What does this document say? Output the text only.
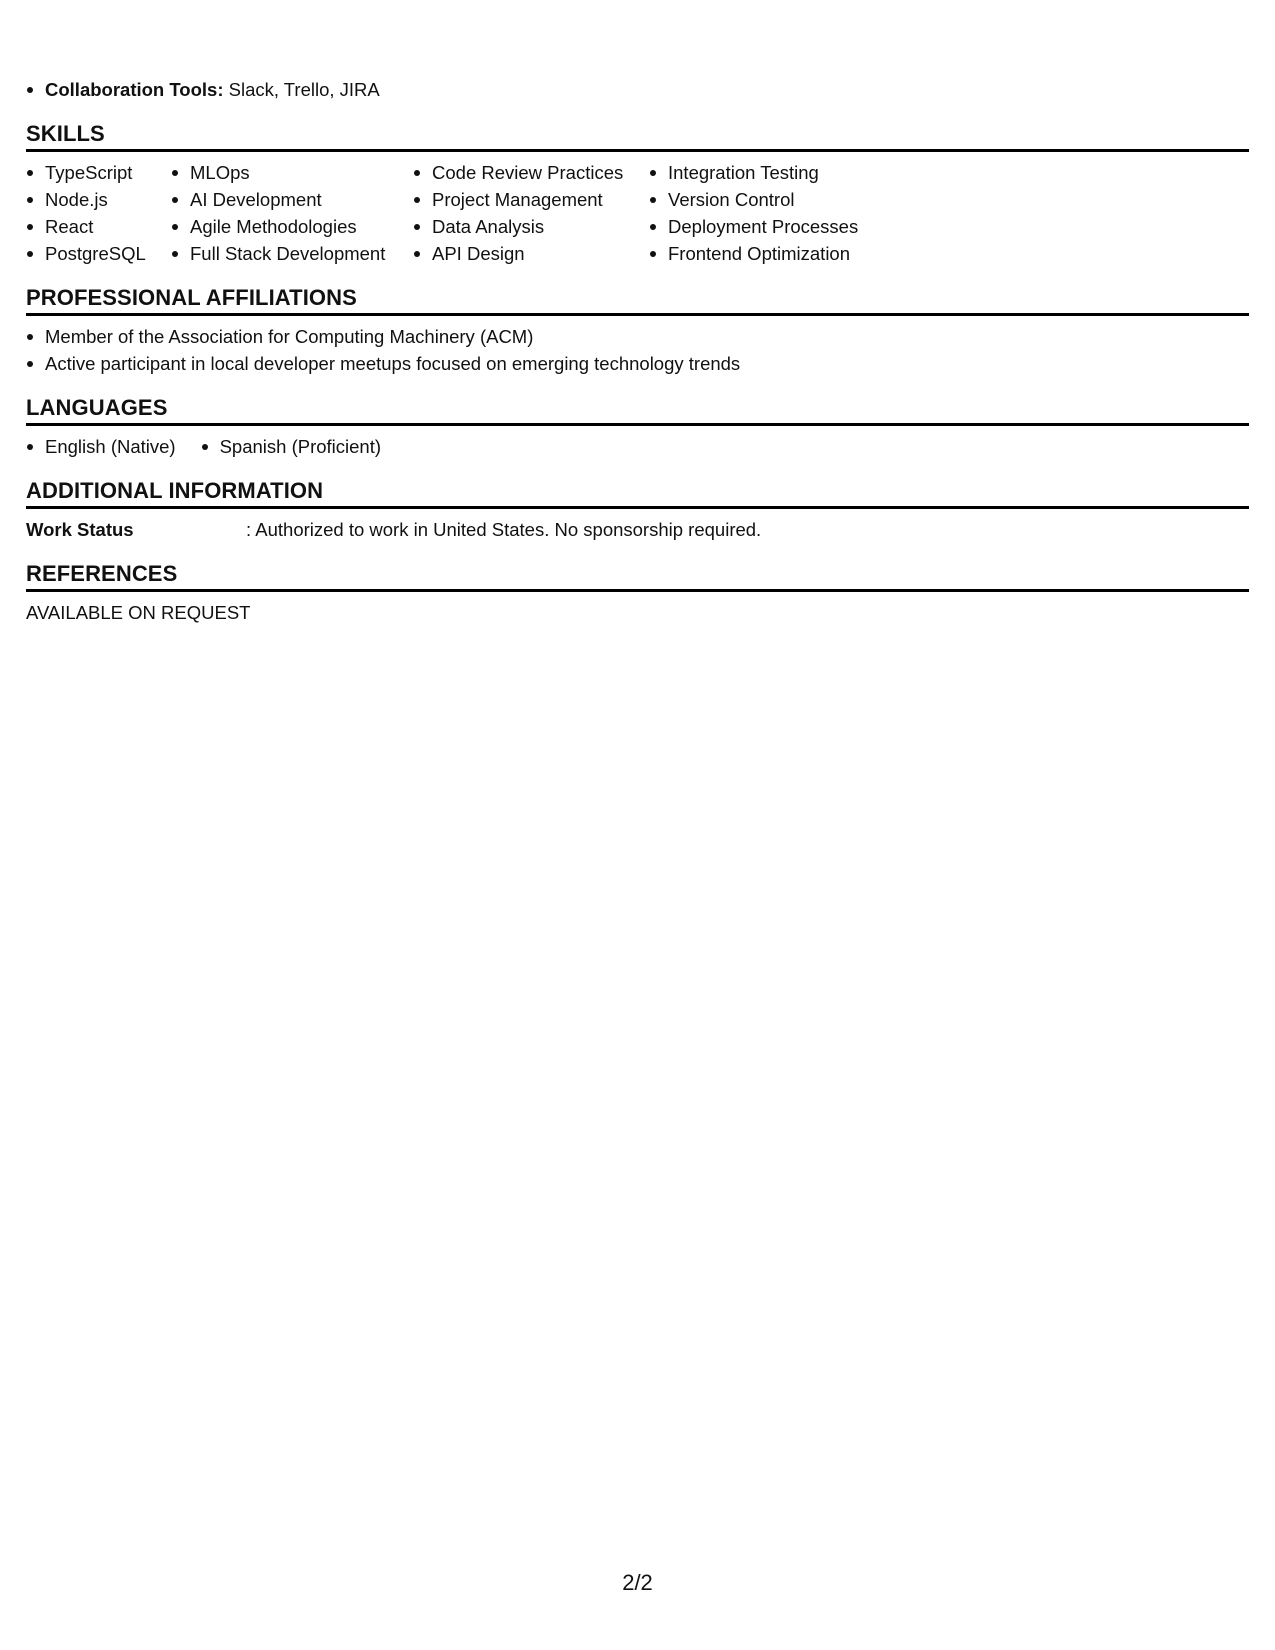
Collaboration Tools: Slack, Trello, JIRA
SKILLS
TypeScript
Node.js
React
PostgreSQL
MLOps
AI Development
Agile Methodologies
Full Stack Development
Code Review Practices
Project Management
Data Analysis
API Design
Integration Testing
Version Control
Deployment Processes
Frontend Optimization
PROFESSIONAL AFFILIATIONS
Member of the Association for Computing Machinery (ACM)
Active participant in local developer meetups focused on emerging technology trends
LANGUAGES
English (Native)	Spanish (Proficient)
ADDITIONAL INFORMATION
Work Status	: Authorized to work in United States. No sponsorship required.
REFERENCES
AVAILABLE ON REQUEST
2/2
